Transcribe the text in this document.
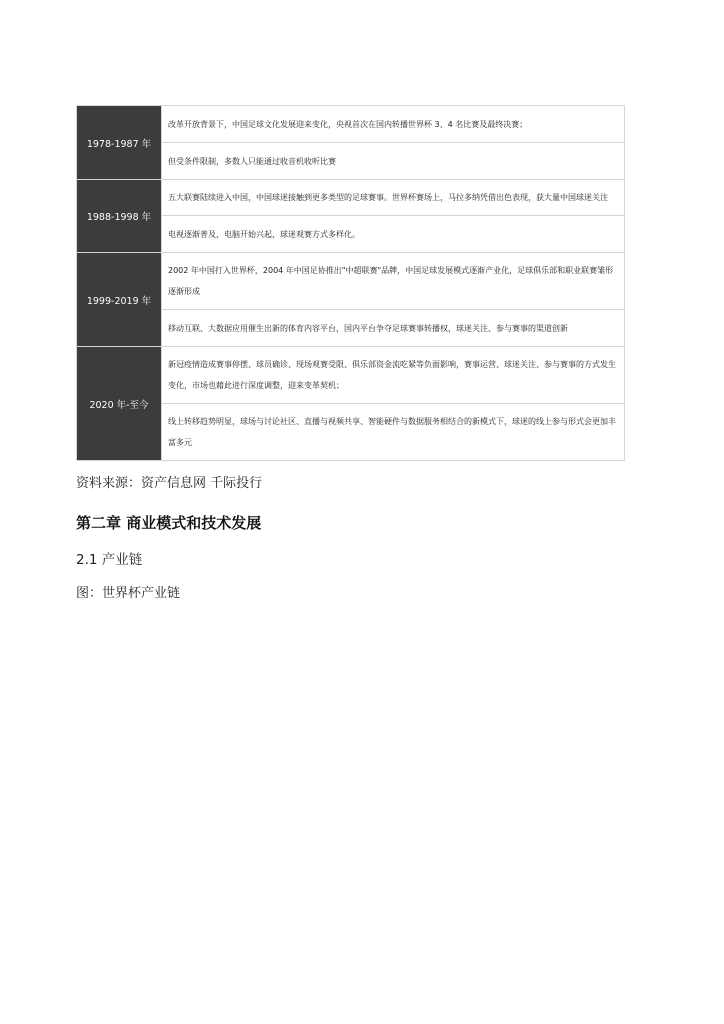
1978-1987 年	改革开放背景下，中国足球文化发展迎来变化，央视首次在国内转播世界杯 3、4 名比赛及最终决赛；
	但受条件限制，多数人只能通过收音机收听比赛
1988-1998 年	五大联赛陆续进入中国，中国球迷接触到更多类型的足球赛事。世界杯赛场上，马拉多纳凭借出色表现，获大量中国球迷关注
	电视逐渐普及，电脑开始兴起，球迷观赛方式多样化。
1999-2019 年	2002 年中国打入世界杯，2004 年中国足协推出"中超联赛"品牌，中国足球发展模式逐渐产业化，足球俱乐部和职业联赛雏形逐渐形成
	移动互联、大数据应用催生出新的体育内容平台，国内平台争夺足球赛事转播权，球迷关注、参与赛事的渠道创新
2020 年-至今	新冠疫情造成赛事停摆、球员确诊、现场观赛受限、俱乐部资金流吃紧等负面影响，赛事运营、球迷关注、参与赛事的方式发生变化，市场也藉此进行深度调整，迎来变革契机；
	线上转移趋势明显，球场与讨论社区、直播与视频共享、智能硬件与数据服务相结合的新模式下，球迷的线上参与形式会更加丰富多元
资料来源：资产信息网 千际投行
第二章 商业模式和技术发展
2.1 产业链
图：世界杯产业链
